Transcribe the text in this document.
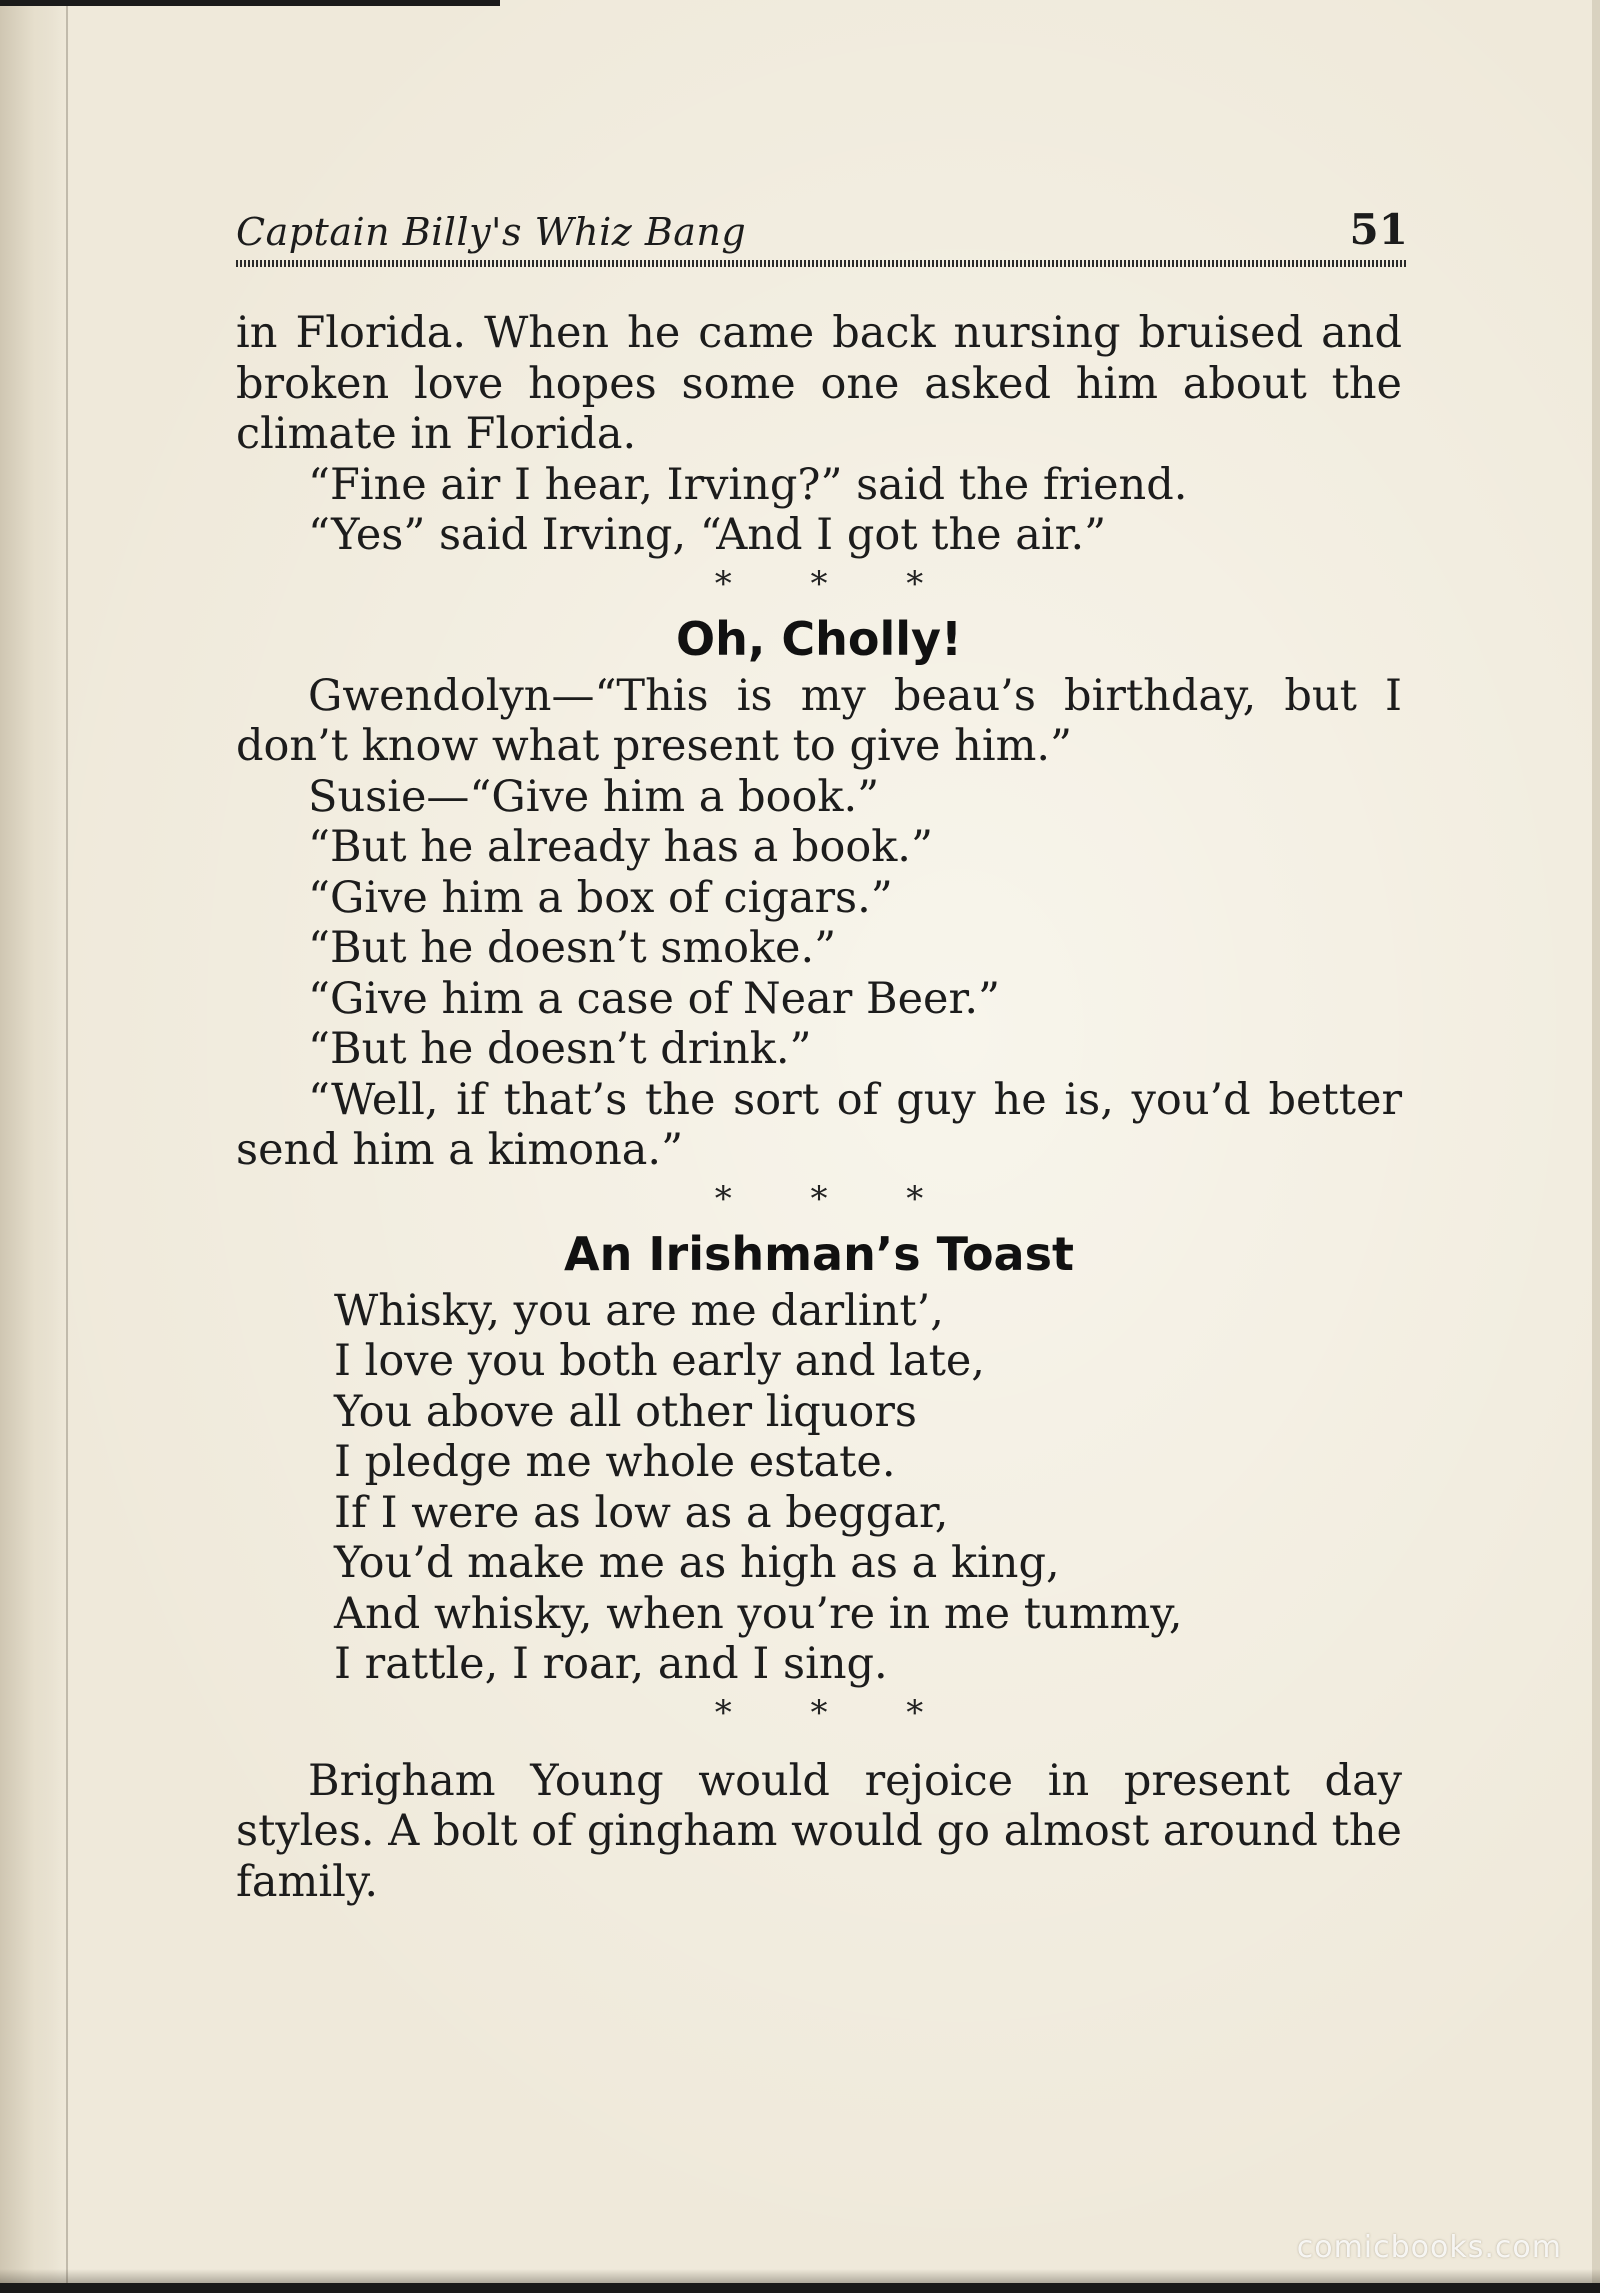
Captain Billy's Whiz Bang	51

in Florida. When he came back nursing bruised and broken love hopes some one asked him about the climate in Florida.

“Fine air I hear, Irving?” said the friend.

“Yes” said Irving, “And I got the air.”

* * *

Oh, Cholly!

Gwendolyn—“This is my beau’s birthday, but I don’t know what present to give him.”

Susie—“Give him a book.”

“But he already has a book.”

“Give him a box of cigars.”

“But he doesn’t smoke.”

“Give him a case of Near Beer.”

“But he doesn’t drink.”

“Well, if that’s the sort of guy he is, you’d better send him a kimona.”

* * *

An Irishman’s Toast
Whisky, you are me darlint’,
I love you both early and late,
You above all other liquors
I pledge me whole estate.
If I were as low as a beggar,
You’d make me as high as a king,
And whisky, when you’re in me tummy,
I rattle, I roar, and I sing.

* * *

Brigham Young would rejoice in present day styles. A bolt of gingham would go almost around the family.

comicbooks.com
